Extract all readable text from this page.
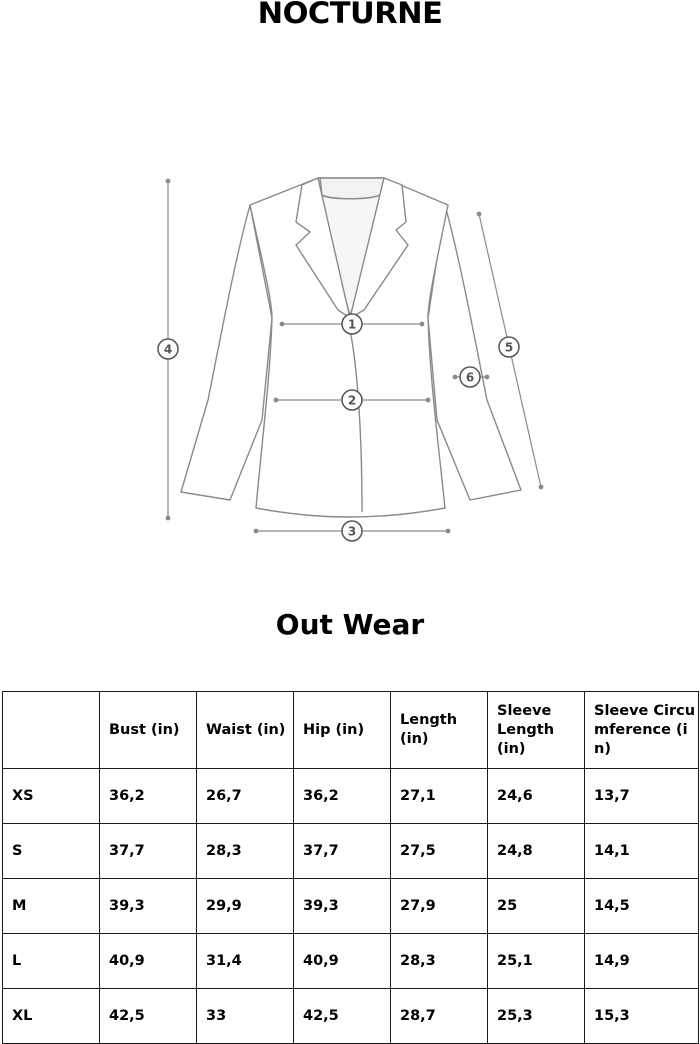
NOCTURNE
1
2
3
4	5
6
Out Wear
	Bust (in)	Waist (in)	Hip (in)	Length (in)	Sleeve Length (in)	Sleeve Circumference (in)
XS	36,2	26,7	36,2	27,1	24,6	13,7
S	37,7	28,3	37,7	27,5	24,8	14,1
M	39,3	29,9	39,3	27,9	25	14,5
L	40,9	31,4	40,9	28,3	25,1	14,9
XL	42,5	33	42,5	28,7	25,3	15,3
